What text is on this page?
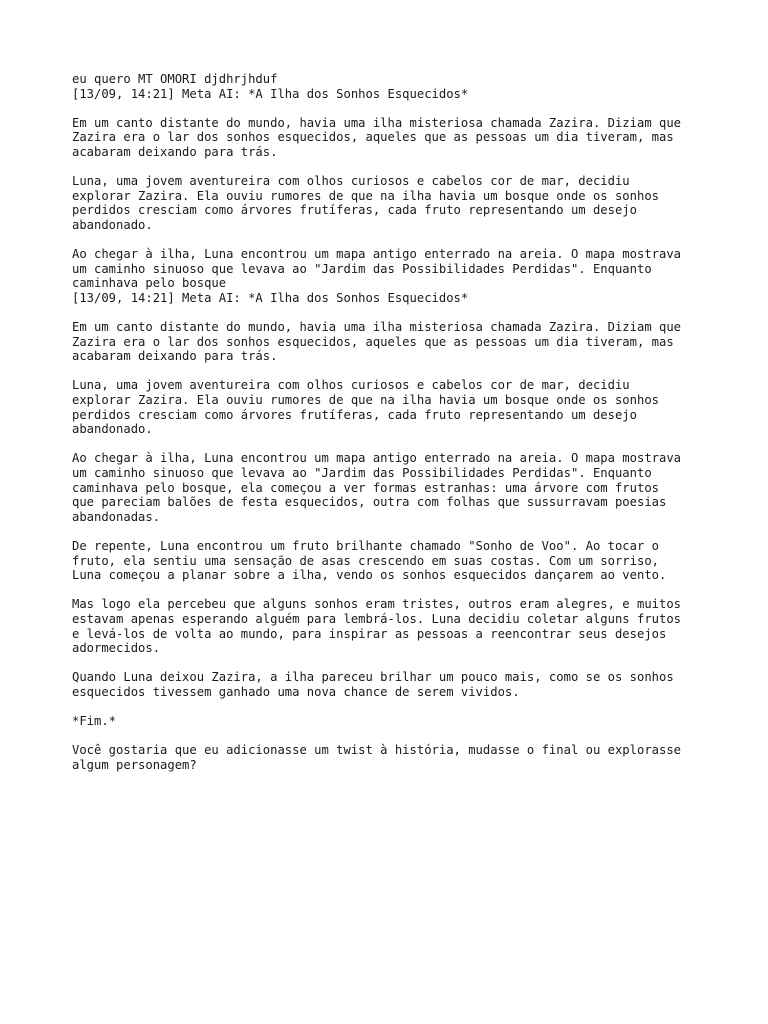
eu quero MT OMORI djdhrjhduf
[13/09, 14:21] Meta AI: *A Ilha dos Sonhos Esquecidos*
Em um canto distante do mundo, havia uma ilha misteriosa chamada Zazira. Diziam que
Zazira era o lar dos sonhos esquecidos, aqueles que as pessoas um dia tiveram, mas
acabaram deixando para trás.
Luna, uma jovem aventureira com olhos curiosos e cabelos cor de mar, decidiu
explorar Zazira. Ela ouviu rumores de que na ilha havia um bosque onde os sonhos
perdidos cresciam como árvores frutíferas, cada fruto representando um desejo
abandonado.
Ao chegar à ilha, Luna encontrou um mapa antigo enterrado na areia. O mapa mostrava
um caminho sinuoso que levava ao "Jardim das Possibilidades Perdidas". Enquanto
caminhava pelo bosque
[13/09, 14:21] Meta AI: *A Ilha dos Sonhos Esquecidos*
Em um canto distante do mundo, havia uma ilha misteriosa chamada Zazira. Diziam que
Zazira era o lar dos sonhos esquecidos, aqueles que as pessoas um dia tiveram, mas
acabaram deixando para trás.
Luna, uma jovem aventureira com olhos curiosos e cabelos cor de mar, decidiu
explorar Zazira. Ela ouviu rumores de que na ilha havia um bosque onde os sonhos
perdidos cresciam como árvores frutíferas, cada fruto representando um desejo
abandonado.
Ao chegar à ilha, Luna encontrou um mapa antigo enterrado na areia. O mapa mostrava
um caminho sinuoso que levava ao "Jardim das Possibilidades Perdidas". Enquanto
caminhava pelo bosque, ela começou a ver formas estranhas: uma árvore com frutos
que pareciam balões de festa esquecidos, outra com folhas que sussurravam poesias
abandonadas.
De repente, Luna encontrou um fruto brilhante chamado "Sonho de Voo". Ao tocar o
fruto, ela sentiu uma sensação de asas crescendo em suas costas. Com um sorriso,
Luna começou a planar sobre a ilha, vendo os sonhos esquecidos dançarem ao vento.
Mas logo ela percebeu que alguns sonhos eram tristes, outros eram alegres, e muitos
estavam apenas esperando alguém para lembrá-los. Luna decidiu coletar alguns frutos
e levá-los de volta ao mundo, para inspirar as pessoas a reencontrar seus desejos
adormecidos.
Quando Luna deixou Zazira, a ilha pareceu brilhar um pouco mais, como se os sonhos
esquecidos tivessem ganhado uma nova chance de serem vividos.
*Fim.*
Você gostaria que eu adicionasse um twist à história, mudasse o final ou explorasse
algum personagem?
